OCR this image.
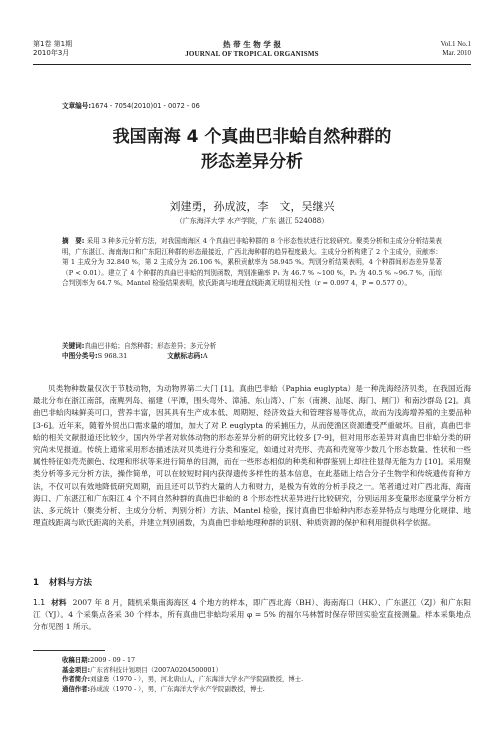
第1卷 第1期
2010年3月
热 带 生 物 学 报
JOURNAL OF TROPICAL ORGANISMS
Vol.1 No.1
Mar. 2010
文章编号:1674 - 7054(2010)01 - 0072 - 06
我国南海 4 个真曲巴非蛤自然种群的
形态差异分析
刘建勇，孙成波，李　文，吴继兴
（广东海洋大学 水产学院，广东 湛江 524088）
摘　要: 采用 3 种多元分析方法，对我国南海区 4 个真曲巴非蛤种群的 8 个形态性状进行比较研究。聚类分析和主成分分析结果表明，广东湛江、海南海口和广东阳江种群的形态最接近，广西北海种群的趋异程度最大。主成分分析构建了 2 个主成分，贡献率：第 1 主成分为 32.840 %，第 2 主成分为 26.106 %，累积贡献率为 58.945 %。判别分析结果表明，4 个种群间形态差异显著（P < 0.01）。建立了 4 个种群的真曲巴非蛤的判别函数，判别准确率 P₁ 为 46.7 % ~100 %，P₂ 为 40.5 % ~96.7 %，而综合判别率为 64.7 %。Mantel 检验结果表明，欧氏距离与地理直线距离无明显相关性（r = 0.097 4，P = 0.577 0）。
关键词:真曲巴非蛤；自然种群；形态差异；多元分析
中图分类号:S 968.31	文献标志码:A
贝类物种数量仅次于节肢动物，为动物界第二大门 [1]。真曲巴非蛤（Paphia euglypta）是一种洗海经济贝类，在我国近海最北分布在浙江南部，南麂列岛、福建（平潭，围头弯外、漳浦、东山湾）、广东（南澳、汕尾、海门、闸门）和南沙群岛 [2]。真曲巴非蛤肉味鲜美可口，营养丰富，因其具有生产成本低、周期短、经济效益大和管理容易等优点，故而为浅海增养殖的主要品种 [3-6]。近年来，随着外贸出口需求量的增加，加大了对 P. euglypta 的采捕压力，从而使渔区资源遭受严重破坏。目前，真曲巴非蛤的相关文献报道还比较少，国内外学者对软体动物的形态差异分析的研究比较多 [7-9]，但对用形态差异对真曲巴非蛤分类的研究尚未见报道。传统上通常采用形态描述法对贝类进行分类和鉴定，如通过对壳形、壳高和壳宽等少数几个形态数量、性状和一些属性特征如壳壳颜色、纹理和形状等来进行简单的目测，而在一些形态相似的种类和种群鉴别上却往往显得无能为力 [10]。采用聚类分析等多元分析方法，操作简单，可以在较短时间内获得遗传多样性的基本信息，在此基础上结合分子生物学和传统遗传育种方法，不仅可以有效地降低研究周期，而且还可以节约大量的人力和财力，是极为有效的分析手段之一。笔者通过对广西北海、海南海口、广东湛江和广东阳江 4 个不同自然种群的真曲巴非蛤的 8 个形态性状差异进行比较研究，分别运用多变量形态度量学分析方法、多元统计（聚类分析、主成分分析、判别分析）方法、Mantel 检验，探讨真曲巴非蛤种内形态差异特点与地理分化规律、地理直线距离与欧氏距离的关系，并建立判别函数，为真曲巴非蛤地理种群的识别、种质资源的保护和利用提供科学依据。
1 材料与方法
1.1 材料 2007 年 8 月，随机采集南海海区 4 个地方的样本，即广西北海（BH）、海南海口（HK）、广东湛江（ZJ）和广东阳江（YJ）。4 个采集点各采 30 个样本，所有真曲巴非蛤均采用 φ = 5% 的福尔马林暂时保存带回实验室直接测量。样本采集地点分布见图 1 所示。
收稿日期:2009 - 09 - 17
基金项目:广东省科技计划项目（2007A0204500001）
作者简介:刘建勇（1970 - ），男，河北唐山人，广东海洋大学水产学院副教授，博士.
通信作者:孙成波（1970 - ），男，广东海洋大学水产学院副教授，博士.
